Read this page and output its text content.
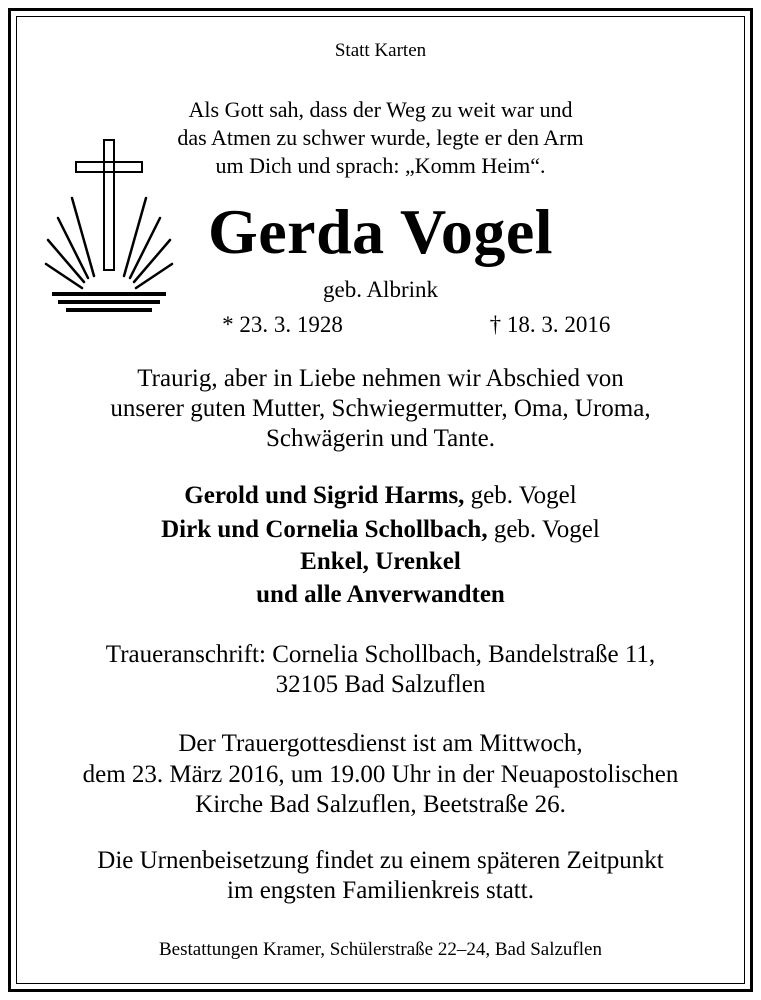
Statt Karten
Als Gott sah, dass der Weg zu weit war und
das Atmen zu schwer wurde, legte er den Arm
um Dich und sprach: „Komm Heim“.
Gerda Vogel
geb. Albrink
* 23. 3. 1928	† 18. 3. 2016
Traurig, aber in Liebe nehmen wir Abschied von
unserer guten Mutter, Schwiegermutter, Oma, Uroma,
Schwägerin und Tante.
Gerold und Sigrid Harms, geb. Vogel
Dirk und Cornelia Schollbach, geb. Vogel
Enkel, Urenkel
und alle Anverwandten
Traueranschrift: Cornelia Schollbach, Bandelstraße 11,
32105 Bad Salzuflen
Der Trauergottesdienst ist am Mittwoch,
dem 23. März 2016, um 19.00 Uhr in der Neuapostolischen
Kirche Bad Salzuflen, Beetstraße 26.
Die Urnenbeisetzung findet zu einem späteren Zeitpunkt
im engsten Familienkreis statt.
Bestattungen Kramer, Schülerstraße 22–24, Bad Salzuflen
